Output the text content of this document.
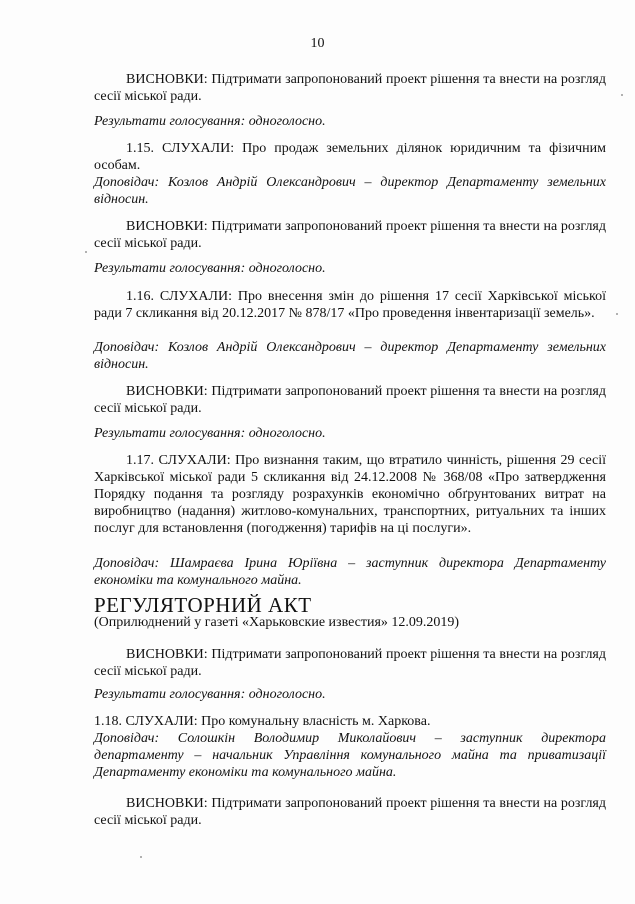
10

ВИСНОВКИ: Підтримати запропонований проект рішення та внести на розгляд сесії міської ради.

Результати голосування: одноголосно.

1.15. СЛУХАЛИ: Про продаж земельних ділянок юридичним та фізичним особам.

Доповідач: Козлов Андрій Олександрович – директор Департаменту земельних відносин.

ВИСНОВКИ: Підтримати запропонований проект рішення та внести на розгляд сесії міської ради.

Результати голосування: одноголосно.

1.16. СЛУХАЛИ: Про внесення змін до рішення 17 сесії Харківської міської ради 7 скликання від 20.12.2017 № 878/17 «Про проведення інвентаризації земель».

Доповідач: Козлов Андрій Олександрович – директор Департаменту земельних відносин.

ВИСНОВКИ: Підтримати запропонований проект рішення та внести на розгляд сесії міської ради.

Результати голосування: одноголосно.

1.17. СЛУХАЛИ: Про визнання таким, що втратило чинність, рішення 29 сесії Харківської міської ради 5 скликання від 24.12.2008 № 368/08 «Про затвердження Порядку подання та розгляду розрахунків економічно обґрунтованих витрат на виробництво (надання) житлово-комунальних, транспортних, ритуальних та інших послуг для встановлення (погодження) тарифів на ці послуги».

Доповідач: Шамраєва Ірина Юріївна – заступник директора Департаменту економіки та комунального майна.

РЕГУЛЯТОРНИЙ АКТ

(Оприлюднений у газеті «Харьковские известия» 12.09.2019)

ВИСНОВКИ: Підтримати запропонований проект рішення та внести на розгляд сесії міської ради.

Результати голосування: одноголосно.

1.18. СЛУХАЛИ: Про комунальну власність м. Харкова.

Доповідач: Солошкін Володимир Миколайович – заступник директора департаменту – начальник Управління комунального майна та приватизації Департаменту економіки та комунального майна.

ВИСНОВКИ: Підтримати запропонований проект рішення та внести на розгляд сесії міської ради.
